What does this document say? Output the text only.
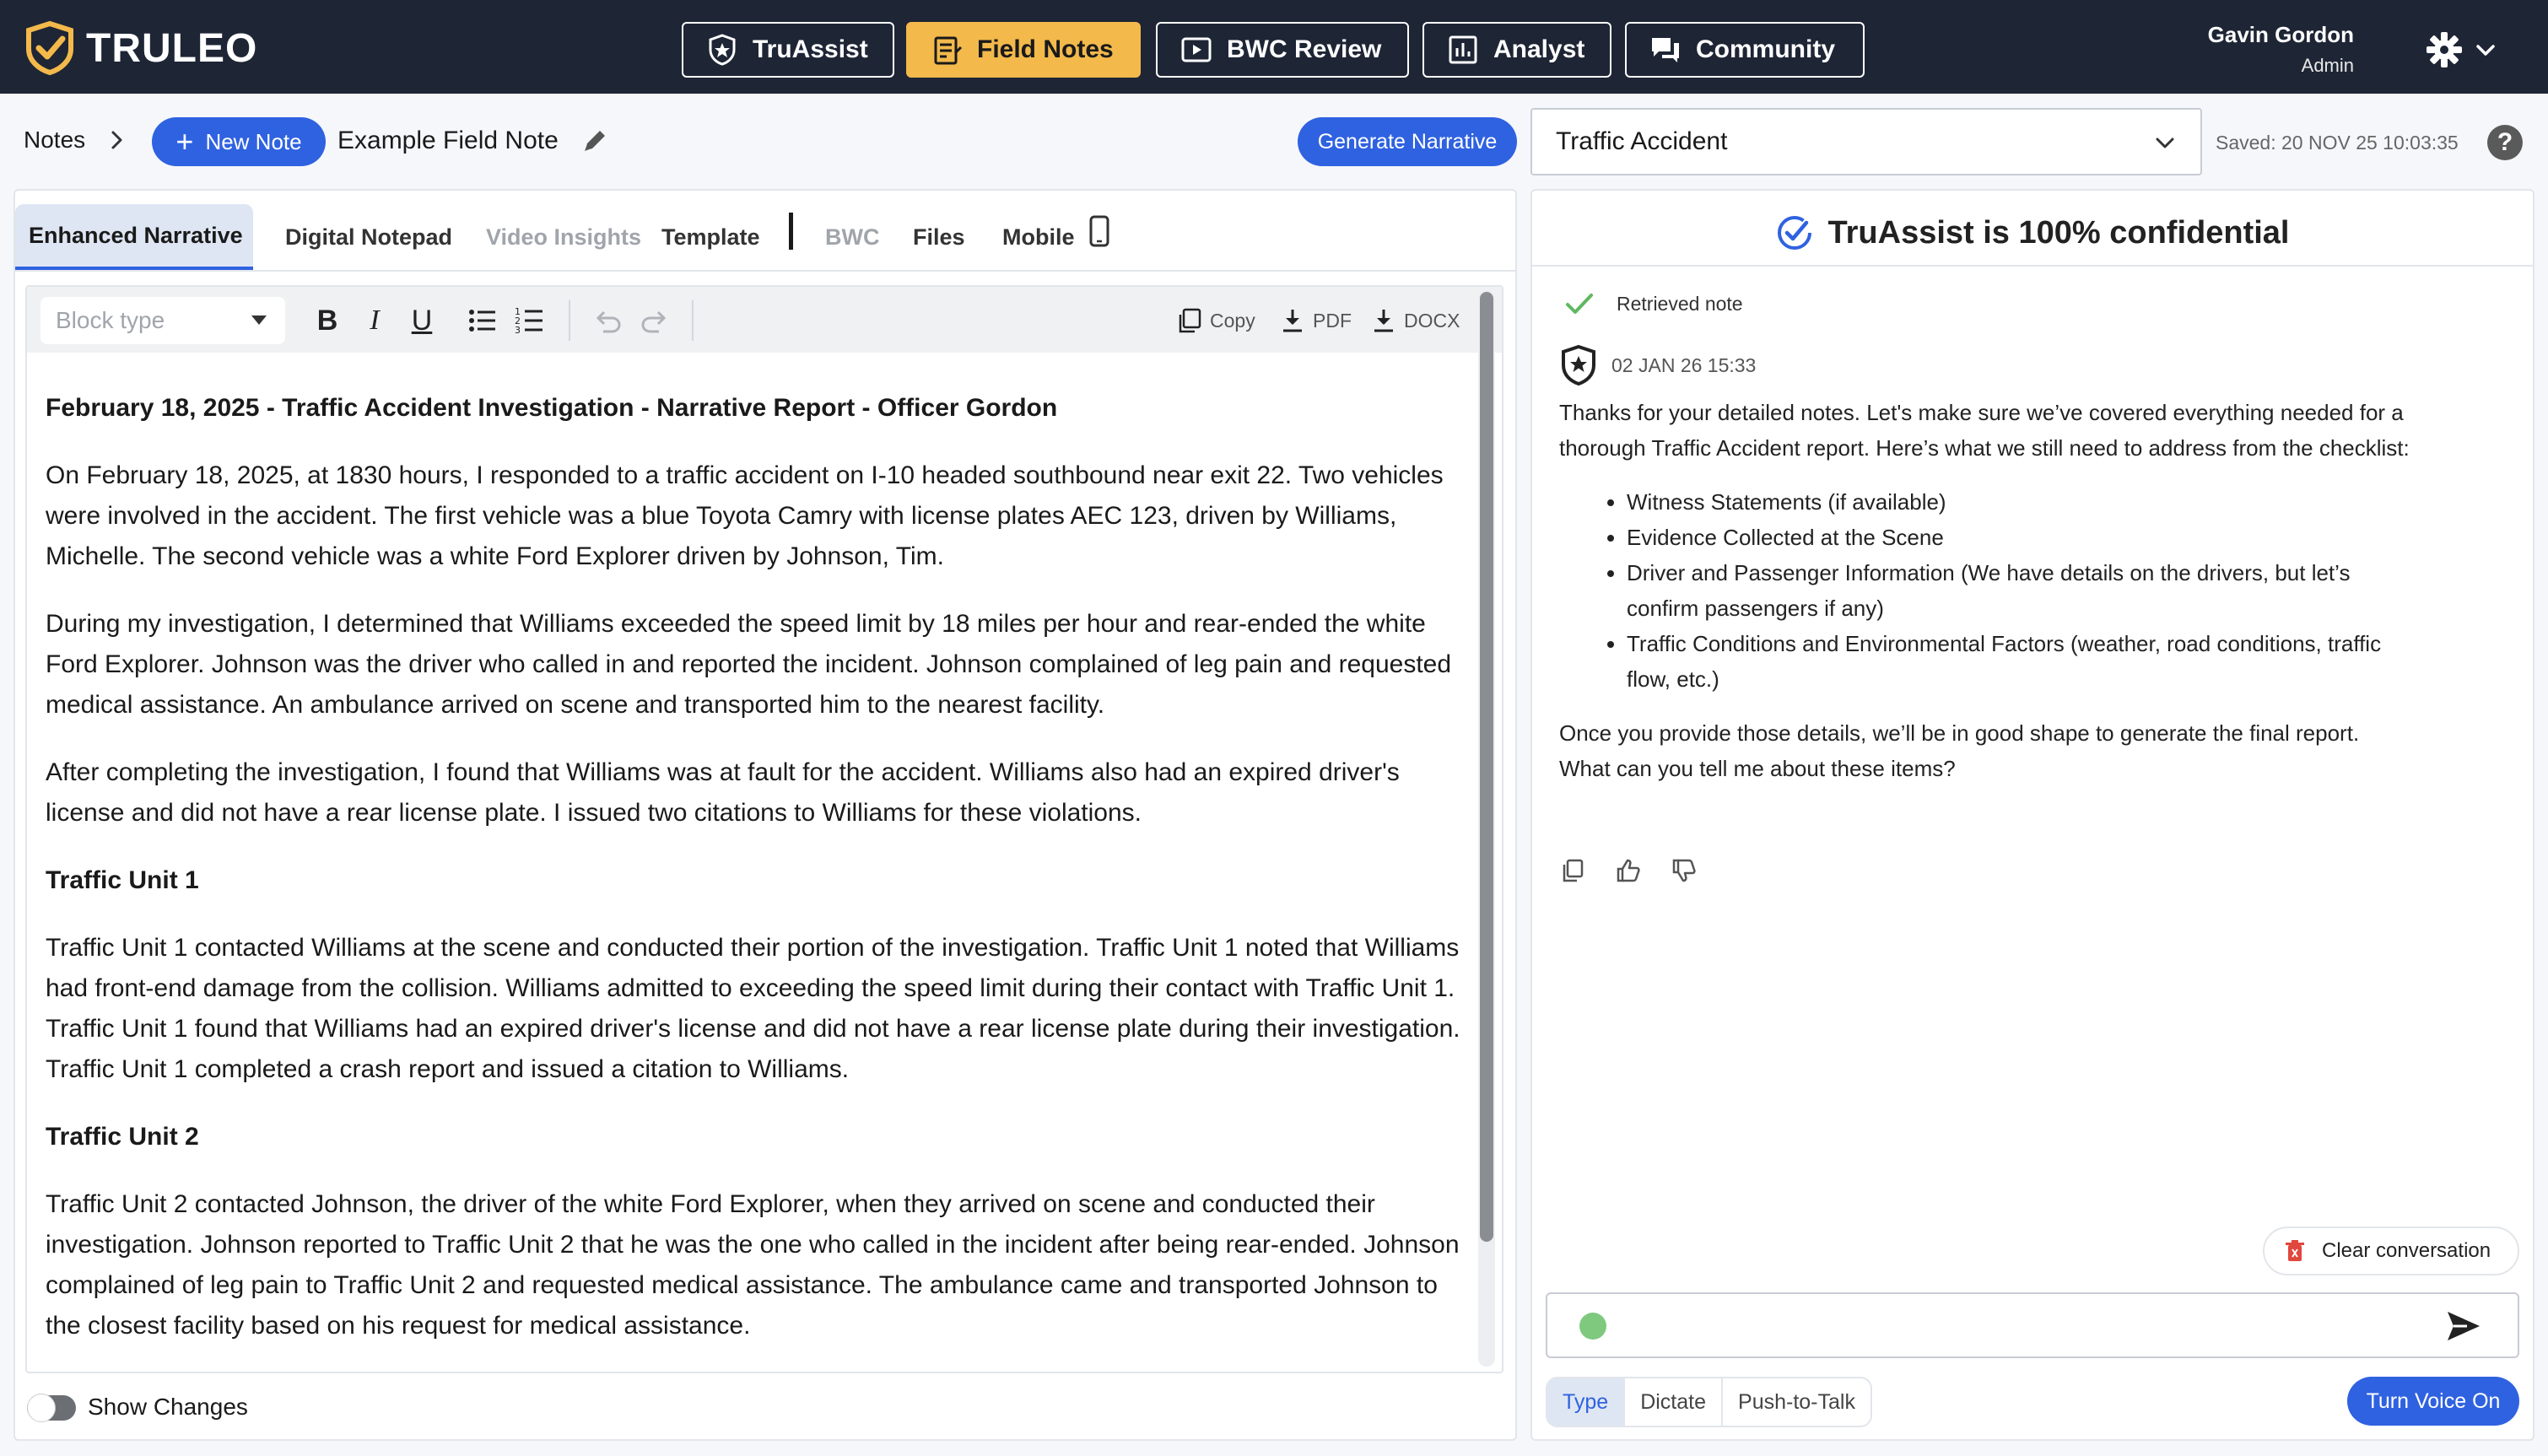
TRULEO	TruAssist	Field Notes	BWC Review	Analyst	Community
Gavin Gordon
Admin
Notes	+ New Note Example Field Note	Generate Narrative	Traffic Accident	Saved: 20 NOV 25 10:03:35	?
Enhanced Narrative	Digital Notepad	Video Insights Template	BWC	Files	Mobile
Block type	B	I	U	1
2
3	Copy	PDF	DOCX

February 18, 2025 - Traffic Accident Investigation - Narrative Report - Officer Gordon

On February 18, 2025, at 1830 hours, I responded to a traffic accident on I-10 headed southbound near exit 22. Two vehicles were involved in the accident. The first vehicle was a blue Toyota Camry with license plates AEC 123, driven by Williams, Michelle. The second vehicle was a white Ford Explorer driven by Johnson, Tim.

During my investigation, I determined that Williams exceeded the speed limit by 18 miles per hour and rear-ended the white Ford Explorer. Johnson was the driver who called in and reported the incident. Johnson complained of leg pain and requested medical assistance. An ambulance arrived on scene and transported him to the nearest facility.

After completing the investigation, I found that Williams was at fault for the accident. Williams also had an expired driver's license and did not have a rear license plate. I issued two citations to Williams for these violations.

Traffic Unit 1

Traffic Unit 1 contacted Williams at the scene and conducted their portion of the investigation. Traffic Unit 1 noted that Williams had front-end damage from the collision. Williams admitted to exceeding the speed limit during their contact with Traffic Unit 1. Traffic Unit 1 found that Williams had an expired driver's license and did not have a rear license plate during their investigation. Traffic Unit 1 completed a crash report and issued a citation to Williams.

Traffic Unit 2

Traffic Unit 2 contacted Johnson, the driver of the white Ford Explorer, when they arrived on scene and conducted their investigation. Johnson reported to Traffic Unit 2 that he was the one who called in the incident after being rear-ended. Johnson complained of leg pain to Traffic Unit 2 and requested medical assistance. The ambulance came and transported Johnson to the closest facility based on his request for medical assistance.

Show Changes
TruAssist is 100% confidential
Retrieved note
02 JAN 26 15:33
Thanks for your detailed notes. Let's make sure we’ve covered everything needed for a thorough Traffic Accident report. Here’s what we still need to address from the checklist:
• Witness Statements (if available)
• Evidence Collected at the Scene
• Driver and Passenger Information (We have details on the drivers, but let’s confirm passengers if any)
• Traffic Conditions and Environmental Factors (weather, road conditions, traffic flow, etc.)
Once you provide those details, we’ll be in good shape to generate the final report. What can you tell me about these items?
Clear conversation
Type	Dictate	Push-to-Talk	Turn Voice On
